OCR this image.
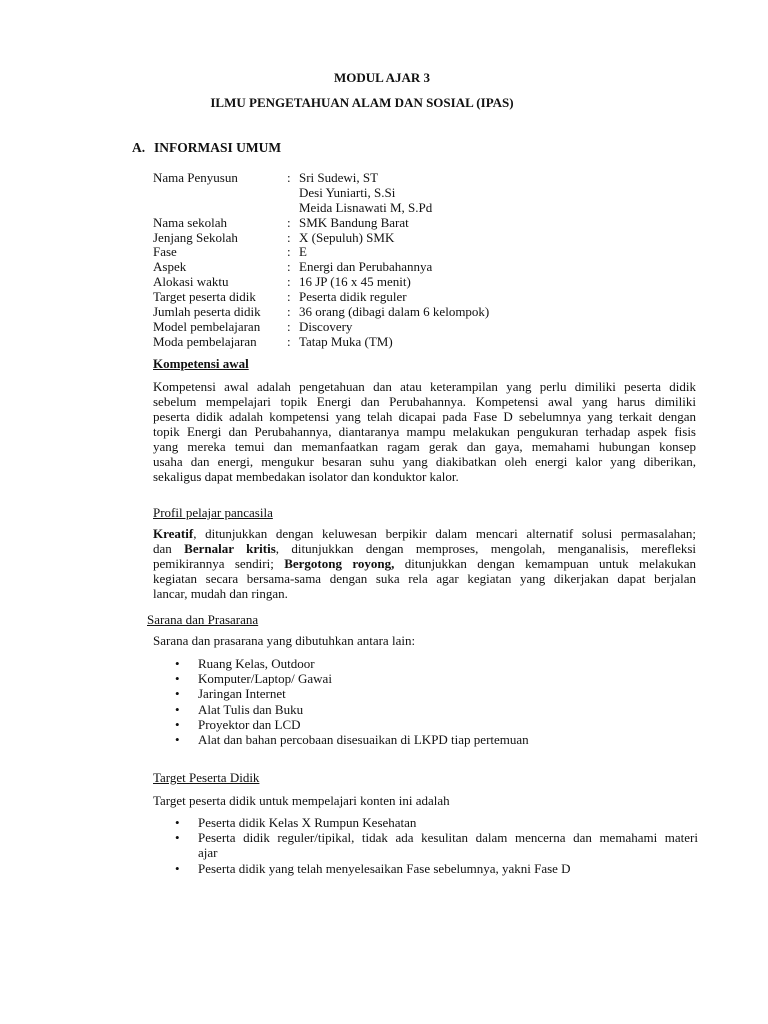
MODUL AJAR 3
ILMU PENGETAHUAN ALAM DAN SOSIAL (IPAS)
A. INFORMASI UMUM
Nama Penyusun	: Sri Sudewi, ST
Desi Yuniarti, S.Si
Meida Lisnawati M, S.Pd
Nama sekolah	: SMK Bandung Barat
Jenjang Sekolah	: X (Sepuluh) SMK
Fase	: E
Aspek	: Energi dan Perubahannya
Alokasi waktu	: 16 JP (16 x 45 menit)
Target peserta didik	: Peserta didik reguler
Jumlah peserta didik	: 36 orang (dibagi dalam 6 kelompok)
Model pembelajaran	: Discovery
Moda pembelajaran	: Tatap Muka (TM)
Kompetensi awal
Kompetensi awal adalah pengetahuan dan atau keterampilan yang perlu dimiliki peserta didik
sebelum mempelajari topik Energi dan Perubahannya. Kompetensi awal yang harus dimiliki
peserta didik adalah kompetensi yang telah dicapai pada Fase D sebelumnya yang terkait dengan
topik Energi dan Perubahannya, diantaranya mampu melakukan pengukuran terhadap aspek fisis
yang mereka temui dan memanfaatkan ragam gerak dan gaya, memahami hubungan konsep
usaha dan energi, mengukur besaran suhu yang diakibatkan oleh energi kalor yang diberikan,
sekaligus dapat membedakan isolator dan konduktor kalor.
Profil pelajar pancasila
Kreatif, ditunjukkan dengan keluwesan berpikir dalam mencari alternatif solusi permasalahan;
dan Bernalar kritis, ditunjukkan dengan memproses, mengolah, menganalisis, merefleksi
pemikirannya sendiri; Bergotong royong, ditunjukkan dengan kemampuan untuk melakukan
kegiatan secara bersama-sama dengan suka rela agar kegiatan yang dikerjakan dapat berjalan
lancar, mudah dan ringan.
Sarana dan Prasarana
Sarana dan prasarana yang dibutuhkan antara lain:
• Ruang Kelas, Outdoor
• Komputer/Laptop/ Gawai
• Jaringan Internet
• Alat Tulis dan Buku
• Proyektor dan LCD
• Alat dan bahan percobaan disesuaikan di LKPD tiap pertemuan
Target Peserta Didik
Target peserta didik untuk mempelajari konten ini adalah
• Peserta didik Kelas X Rumpun Kesehatan
• Peserta didik reguler/tipikal, tidak ada kesulitan dalam mencerna dan memahami materi
ajar
• Peserta didik yang telah menyelesaikan Fase sebelumnya, yakni Fase D
